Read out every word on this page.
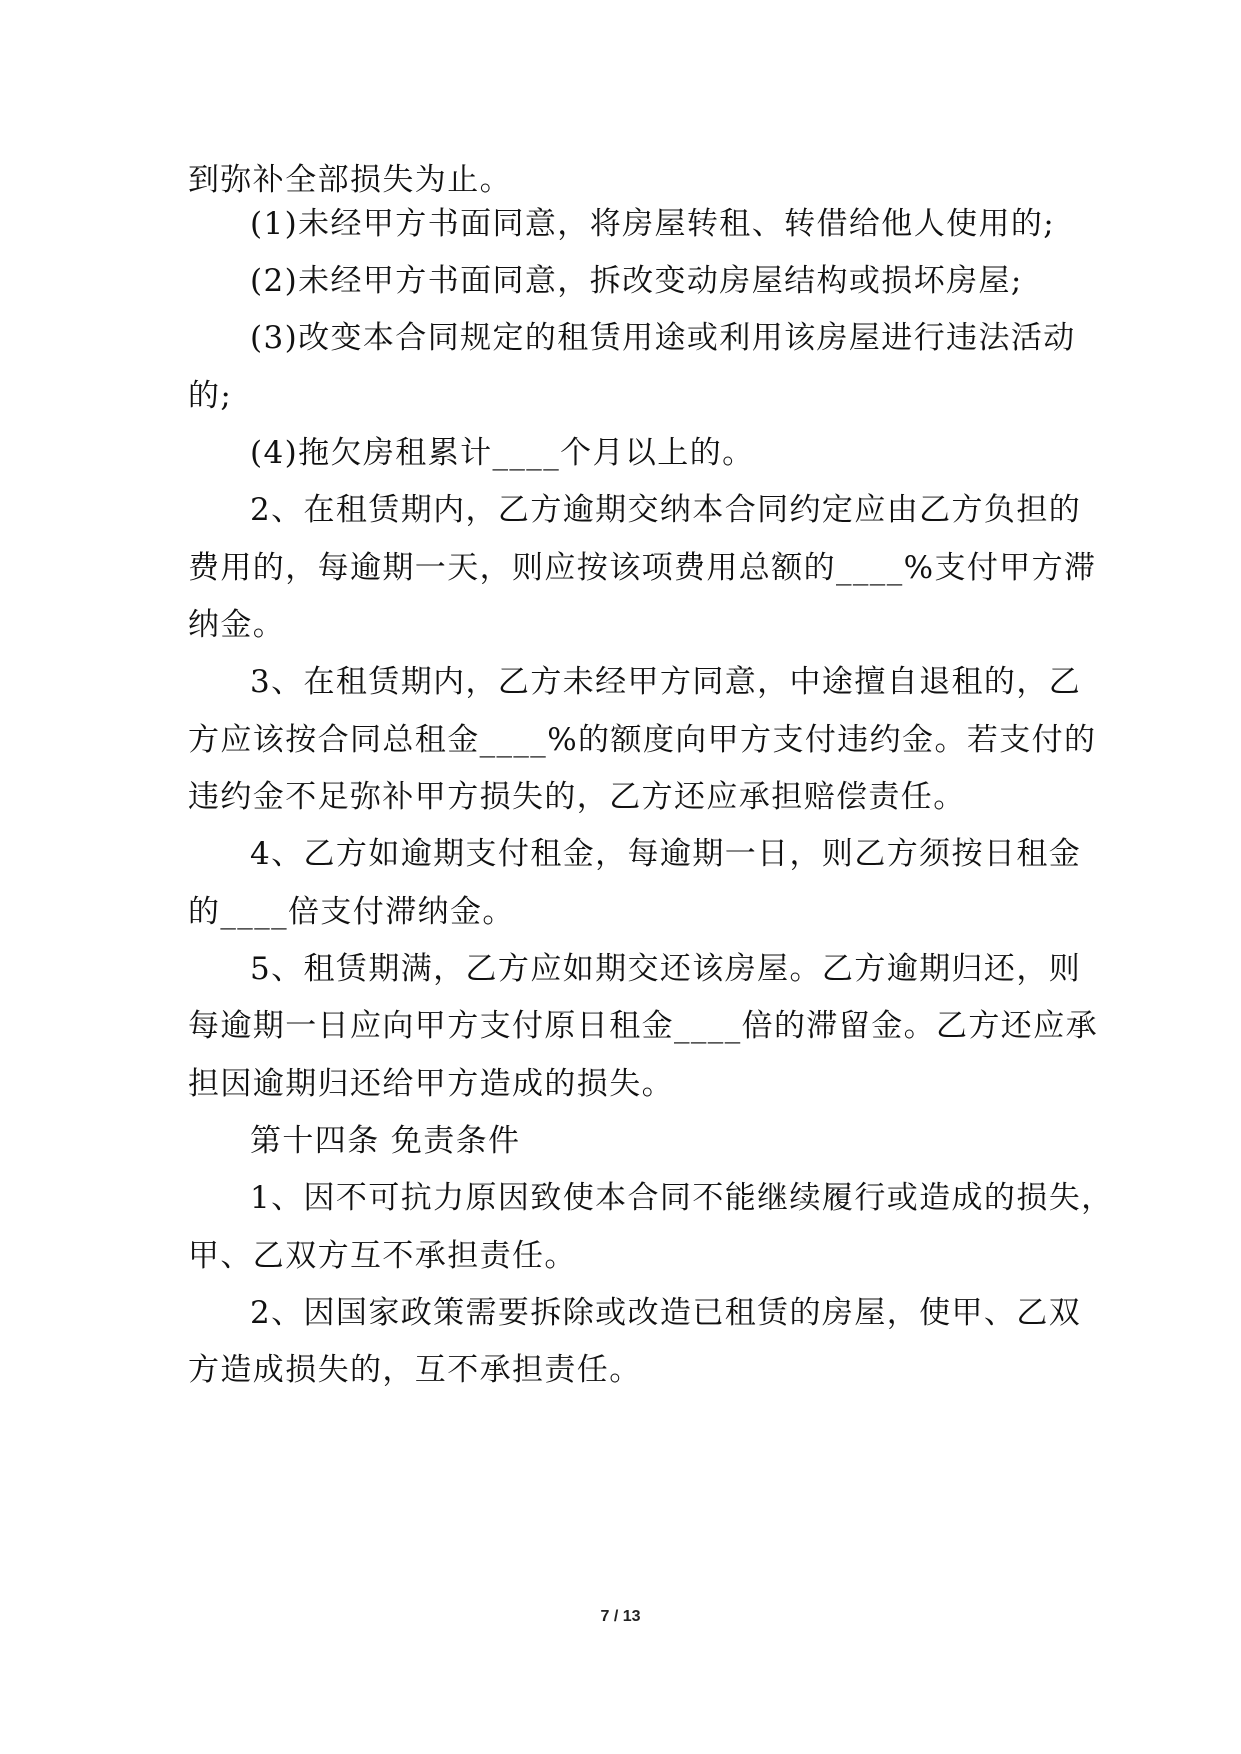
到弥补全部损失为止。
(1)未经甲方书面同意，将房屋转租、转借给他人使用的;
(2)未经甲方书面同意，拆改变动房屋结构或损坏房屋;
(3)改变本合同规定的租赁用途或利用该房屋进行违法活动
的;
(4)拖欠房租累计____个月以上的。
2、在租赁期内，乙方逾期交纳本合同约定应由乙方负担的
费用的，每逾期一天，则应按该项费用总额的____%支付甲方滞
纳金。
3、在租赁期内，乙方未经甲方同意，中途擅自退租的，乙
方应该按合同总租金____%的额度向甲方支付违约金。若支付的
违约金不足弥补甲方损失的，乙方还应承担赔偿责任。
4、乙方如逾期支付租金，每逾期一日，则乙方须按日租金
的____倍支付滞纳金。
5、租赁期满，乙方应如期交还该房屋。乙方逾期归还，则
每逾期一日应向甲方支付原日租金____倍的滞留金。乙方还应承
担因逾期归还给甲方造成的损失。
第十四条 免责条件
1、因不可抗力原因致使本合同不能继续履行或造成的损失，
甲、乙双方互不承担责任。
2、因国家政策需要拆除或改造已租赁的房屋，使甲、乙双
方造成损失的，互不承担责任。
7 / 13
